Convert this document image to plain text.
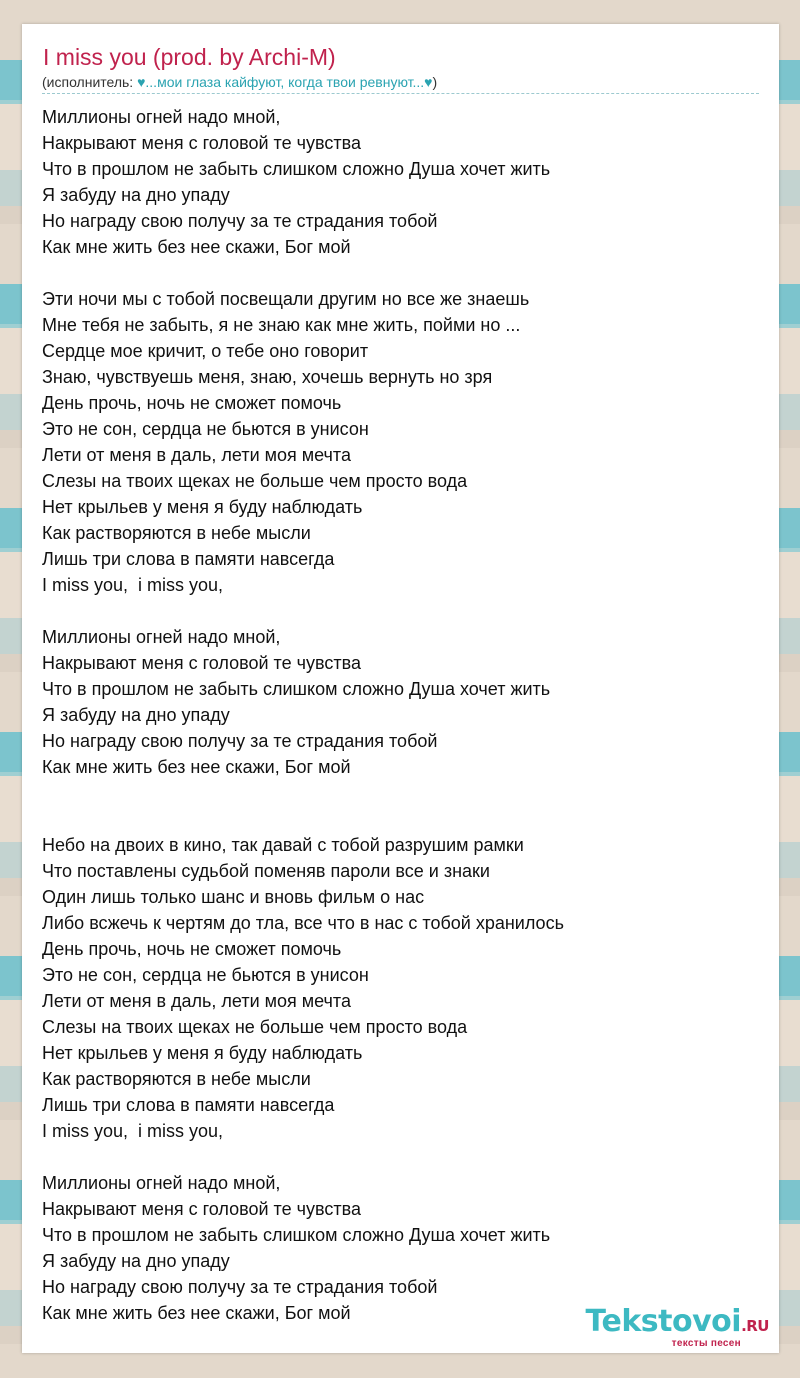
I miss you (prod. by Archi-M)
(исполнитель: ♥...мои глаза кайфуют, когда твои ревнуют...♥)
Миллионы огней надо мной,
Накрывают меня с головой те чувства
Что в прошлом не забыть слишком сложно Душа хочет жить
Я забуду на дно упаду
Но награду свою получу за те страдания тобой
Как мне жить без нее скажи, Бог мой
Эти ночи мы с тобой посвещали другим но все же знаешь
Мне тебя не забыть, я не знаю как мне жить, пойми но ...
Сердце мое кричит, о тебе оно говорит
Знаю, чувствуешь меня, знаю, хочешь вернуть но зря
День прочь, ночь не сможет помочь
Это не сон, сердца не бьются в унисон
Лети от меня в даль, лети моя мечта
Слезы на твоих щеках не больше чем просто вода
Нет крыльев у меня я буду наблюдать
Как растворяются в небе мысли
Лишь три слова в памяти навсегда
I miss you,  i miss you,
Миллионы огней надо мной,
Накрывают меня с головой те чувства
Что в прошлом не забыть слишком сложно Душа хочет жить
Я забуду на дно упаду
Но награду свою получу за те страдания тобой
Как мне жить без нее скажи, Бог мой
Небо на двоих в кино, так давай с тобой разрушим рамки
Что поставлены судьбой поменяв пароли все и знаки
Один лишь только шанс и вновь фильм о нас
Либо всжечь к чертям до тла, все что в нас с тобой хранилось
День прочь, ночь не сможет помочь
Это не сон, сердца не бьются в унисон
Лети от меня в даль, лети моя мечта
Слезы на твоих щеках не больше чем просто вода
Нет крыльев у меня я буду наблюдать
Как растворяются в небе мысли
Лишь три слова в памяти навсегда
I miss you,  i miss you,
Миллионы огней надо мной,
Накрывают меня с головой те чувства
Что в прошлом не забыть слишком сложно Душа хочет жить
Я забуду на дно упаду
Но награду свою получу за те страдания тобой
Как мне жить без нее скажи, Бог мой	Tekstovoi.RU
тексты песен
